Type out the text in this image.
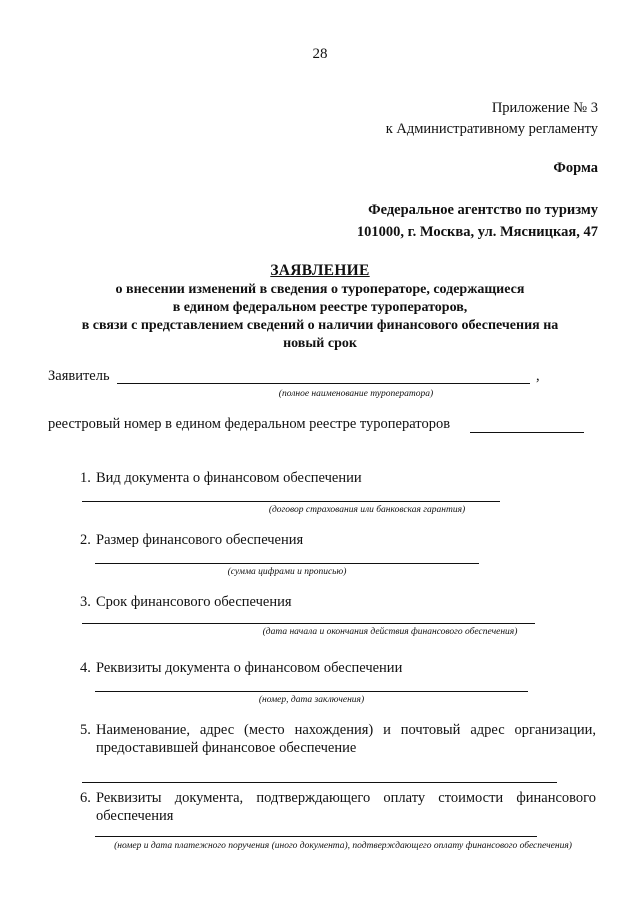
28
Приложение № 3
к Административному регламенту
Форма
Федеральное агентство по туризму
101000, г. Москва, ул. Мясницкая, 47
ЗАЯВЛЕНИЕ
о внесении изменений в сведения о туроператоре, содержащиеся
в едином федеральном реестре туроператоров,
в связи с представлением сведений о наличии финансового обеспечения на
новый срок
Заявитель	,
(полное наименование туроператора)
реестровый номер в едином федеральном реестре туроператоров
1. Вид документа о финансовом обеспечении
(договор страхования или банковская гарантия)
2. Размер финансового обеспечения
(сумма цифрами и прописью)
3. Срок финансового обеспечения
(дата начала и окончания действия финансового обеспечения)
4. Реквизиты документа о финансовом обеспечении
(номер, дата заключения)
5. Наименование, адрес (место нахождения) и почтовый адрес организации,
предоставившей финансовое обеспечение
6. Реквизиты документа, подтверждающего оплату стоимости финансового
обеспечения
(номер и дата платежного поручения (иного документа), подтверждающего оплату финансового обеспечения)
